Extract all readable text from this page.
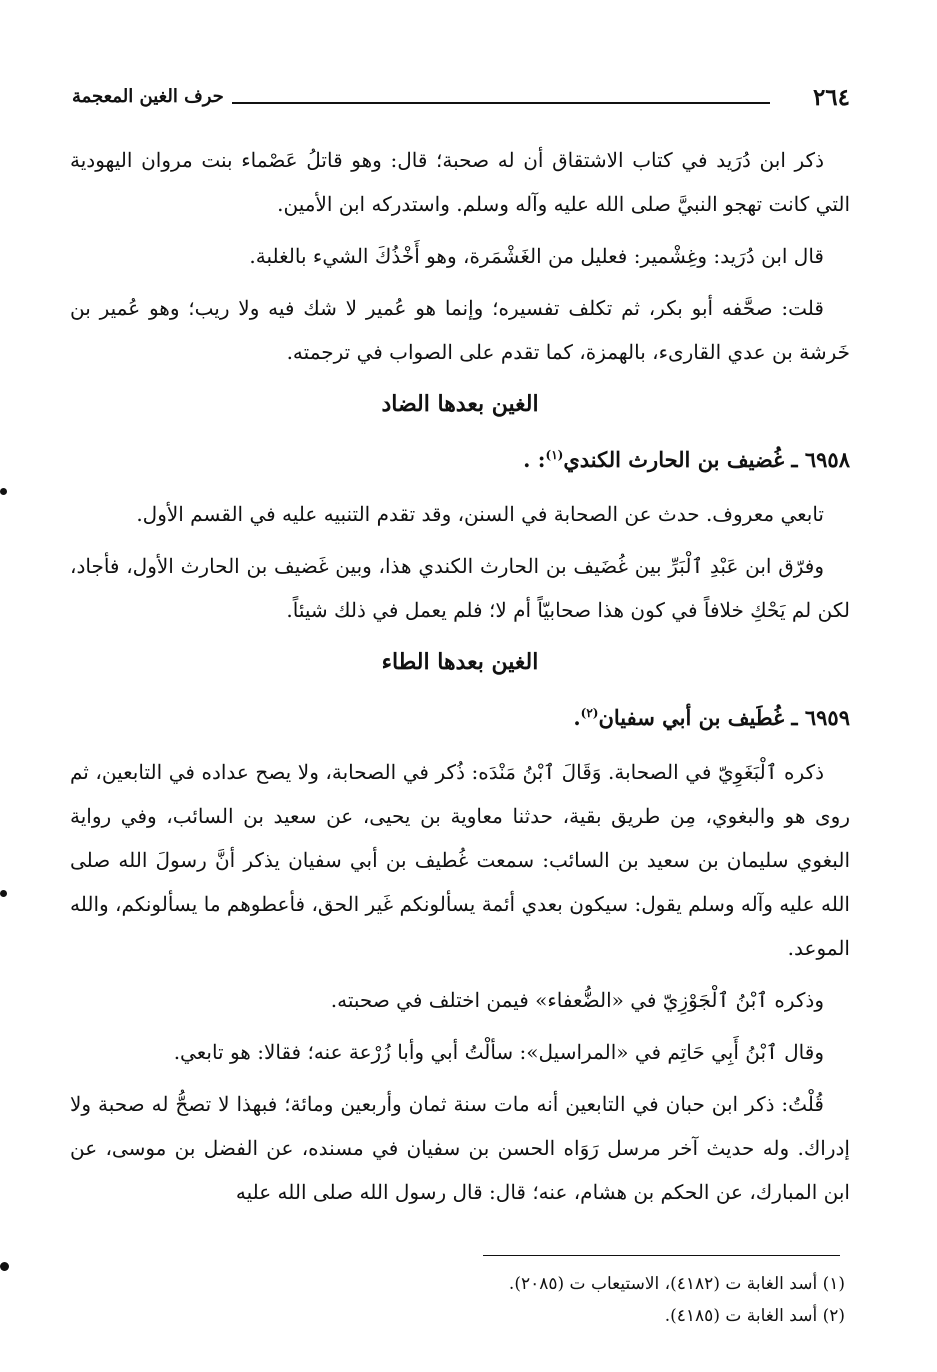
٢٦٤
حرف الغين المعجمة

ذكر ابن دُرَيد في كتاب الاشتقاق أن له صحبة؛ قال: وهو قاتلُ عَصْماء بنت مروان اليهودية التي كانت تهجو النبيَّ صلى الله عليه وآله وسلم. واستدركه ابن الأمين.

قال ابن دُرَيد: وغِشْمير: فعليل من الغَشْمَرة، وهو أَخْذُكَ الشيء بالغلبة.

قلت: صحَّفه أبو بكر، ثم تكلف تفسيره؛ وإنما هو عُمير لا شك فيه ولا ريب؛ وهو عُمير بن خَرشة بن عدي القارىء، بالهمزة، كما تقدم على الصواب في ترجمته.

الغين بعدها الضاد
٦٩٥٨ ـ غُضيف بن الحارث الكندي$^{(١)}$: .

تابعي معروف. حدث عن الصحابة في السنن، وقد تقدم التنبيه عليه في القسم الأول.

وفرّق ابن عَبْدِ ٱلْبَرِّ بين غُضَيف بن الحارث الكندي هذا، وبين غَضيف بن الحارث الأول، فأجاد، لكن لم يَحْكِ خلافاً في كون هذا صحابيّاً أم لا؛ فلم يعمل في ذلك شيئاً.

الغين بعدها الطاء
٦٩٥٩ ـ غُطَيف بن أبي سفيان$^{(٢)}$.

ذكره ٱلْبَغَوِيّ في الصحابة. وَقَالَ ٱبْنُ مَنْدَه: ذُكر في الصحابة، ولا يصح عداده في التابعين، ثم روى هو والبغوي، مِن طريق بقية، حدثنا معاوية بن يحيى، عن سعيد بن السائب، وفي رواية البغوي سليمان بن سعيد بن السائب: سمعت غُطيف بن أبي سفيان يذكر أنَّ رسولَ الله صلى الله عليه وآله وسلم يقول: سيكون بعدي أئمة يسألونكم غَير الحق، فأعطوهم ما يسألونكم، والله الموعد.

وذكره ٱبْنُ ٱلْجَوْزِيّ في «الضُّعفاء» فيمن اختلف في صحبته.

وقال ٱبْنُ أَبِي حَاتِم في «المراسيل»: سألْتُ أبي وأبا زُرْعة عنه؛ فقالا: هو تابعي.

قُلْتُ: ذكر ابن حبان في التابعين أنه مات سنة ثمان وأربعين ومائة؛ فبهذا لا تصحُّ له صحبة ولا إدراك. وله حديث آخر مرسل رَوَاه الحسن بن سفيان في مسنده، عن الفضل بن موسى، عن ابن المبارك، عن الحكم بن هشام، عنه؛ قال: قال رسول الله صلى الله عليه

(١) أسد الغابة ت (٤١٨٢)، الاستيعاب ت (٢٠٨٥).

(٢) أسد الغابة ت (٤١٨٥).
